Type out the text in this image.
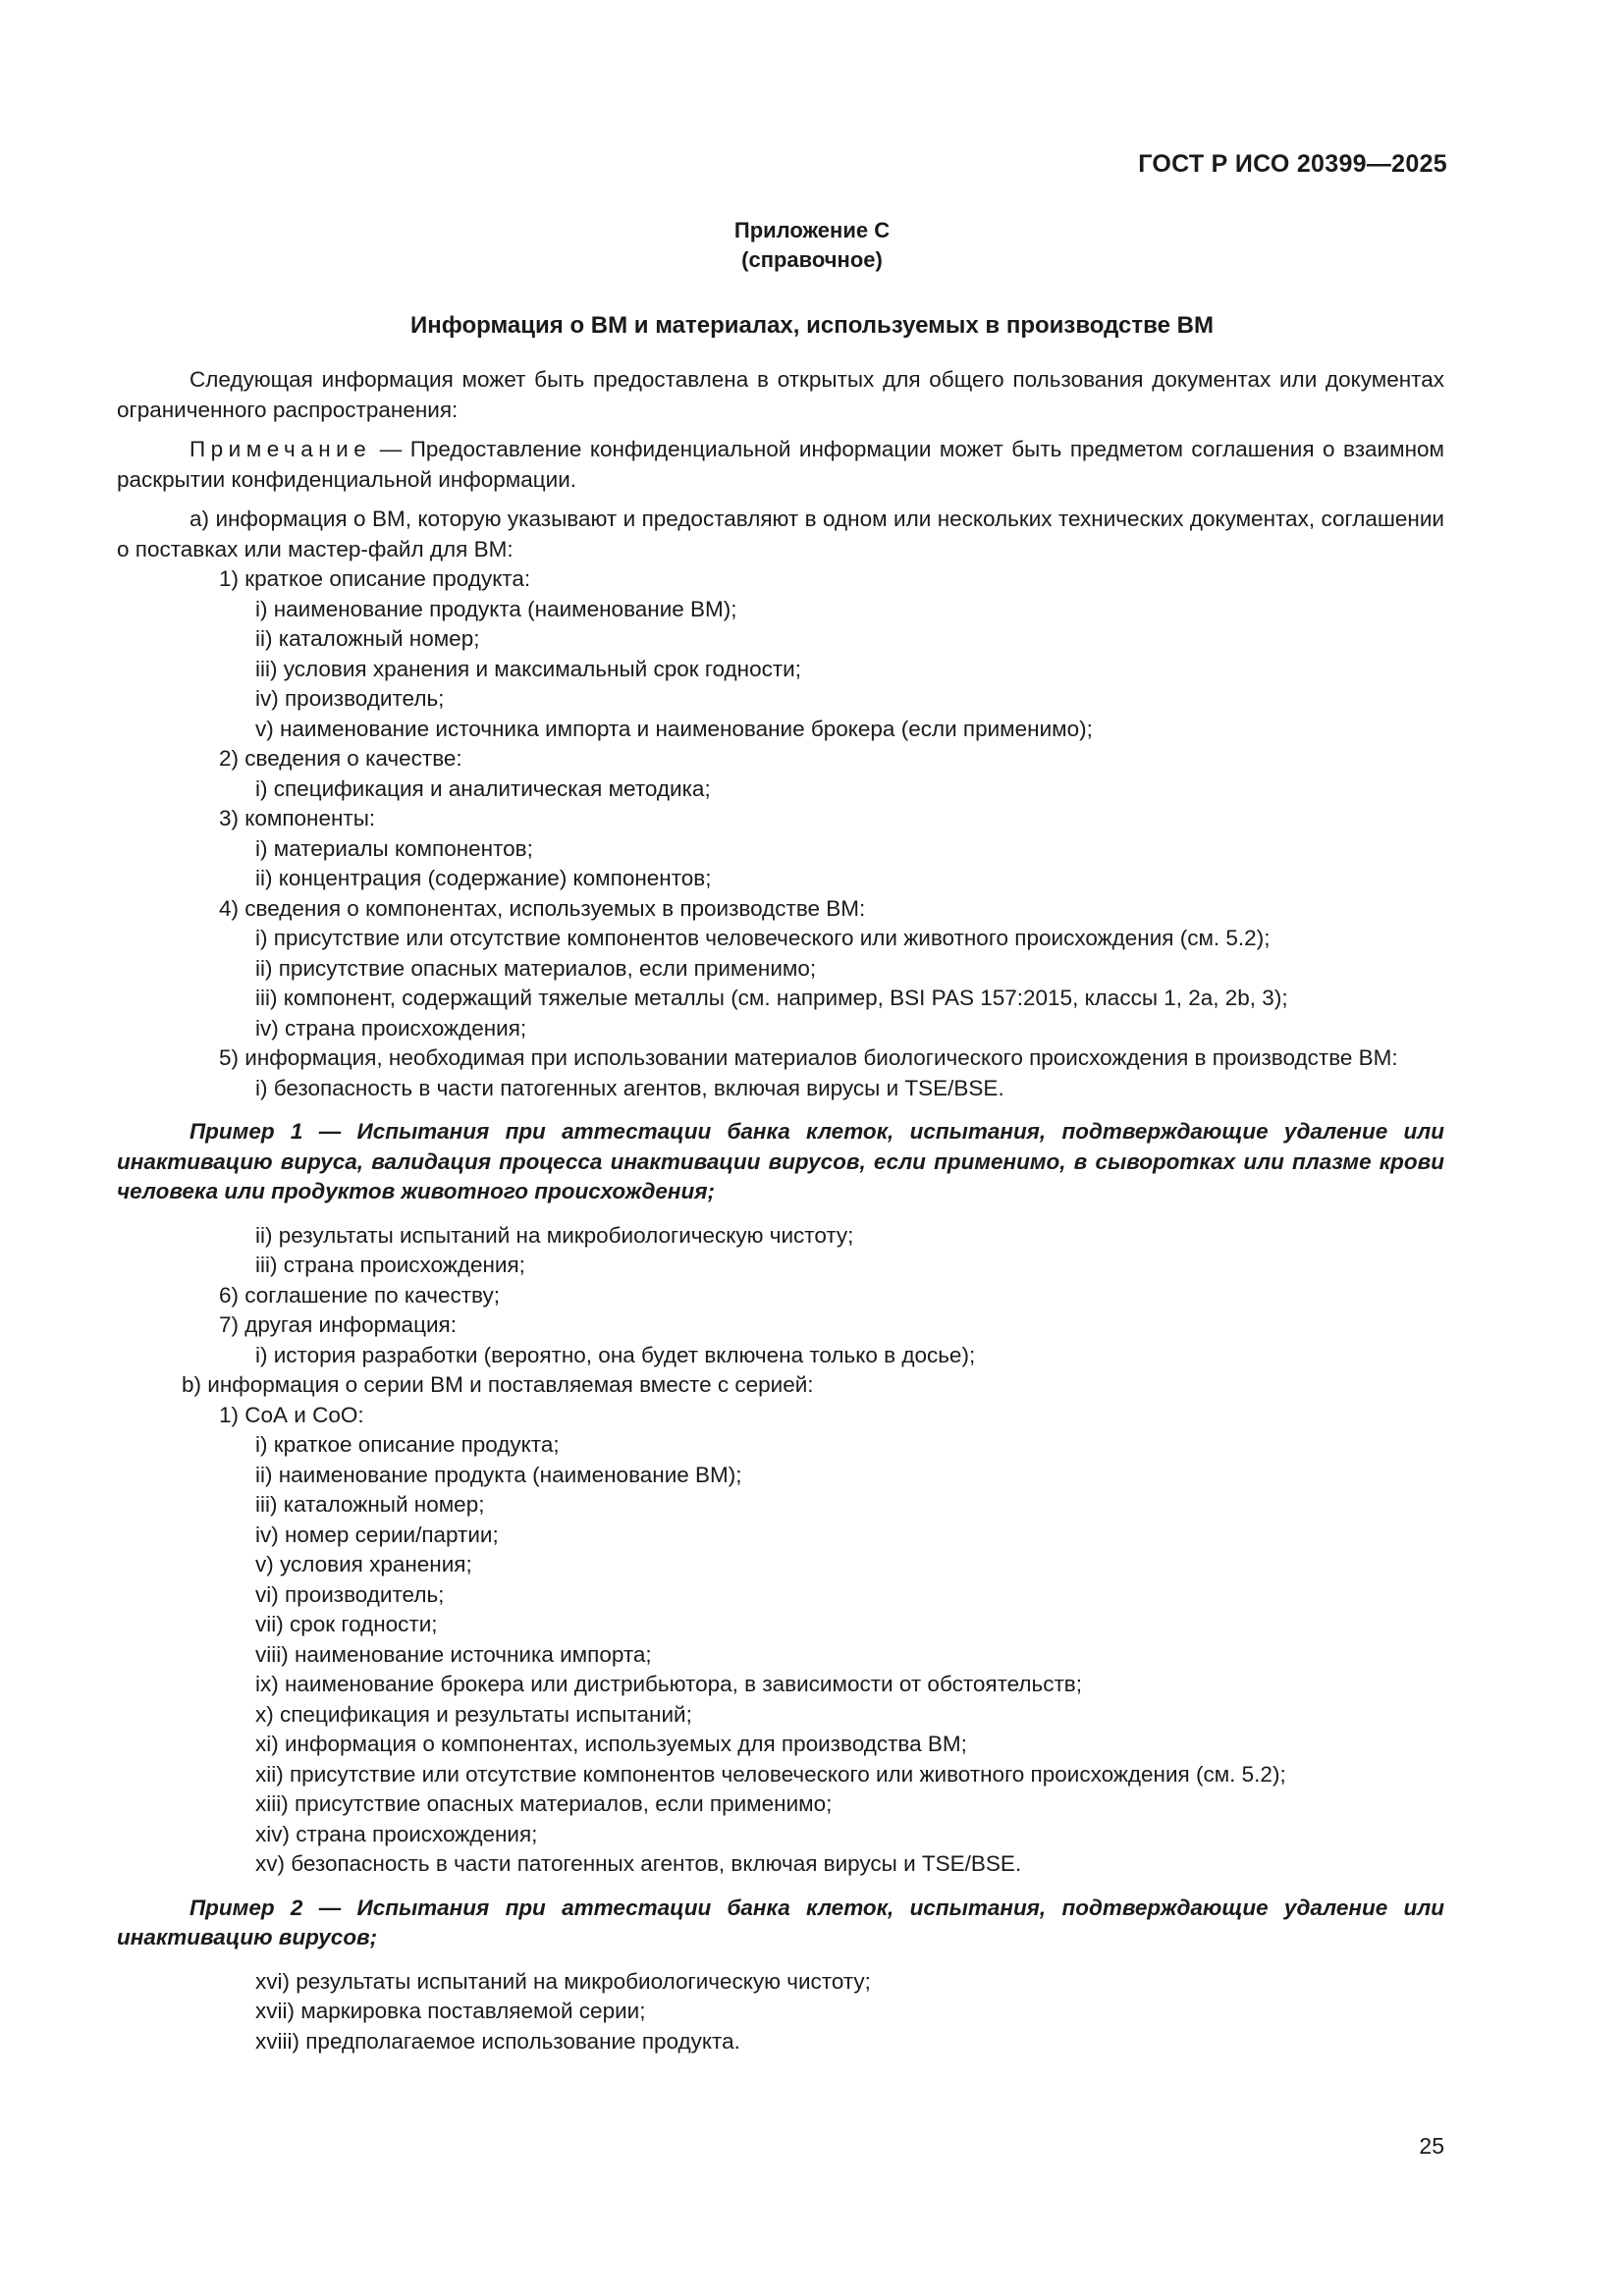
ГОСТ Р ИСО 20399—2025
Приложение С
(справочное)
Информация о ВМ и материалах, используемых в производстве ВМ

Следующая информация может быть предоставлена в открытых для общего пользования документах или документах ограниченного распространения:

Примечание — Предоставление конфиденциальной информации может быть предметом соглашения о взаимном раскрытии конфиденциальной информации.

a) информация о ВМ, которую указывают и предоставляют в одном или нескольких технических документах, соглашении о поставках или мастер-файл для ВМ:

1) краткое описание продукта:

i) наименование продукта (наименование ВМ);

ii) каталожный номер;

iii) условия хранения и максимальный срок годности;

iv) производитель;

v) наименование источника импорта и наименование брокера (если применимо);

2) сведения о качестве:

i) спецификация и аналитическая методика;

3) компоненты:

i) материалы компонентов;

ii) концентрация (содержание) компонентов;

4) сведения о компонентах, используемых в производстве ВМ:

i) присутствие или отсутствие компонентов человеческого или животного происхождения (см. 5.2);

ii) присутствие опасных материалов, если применимо;

iii) компонент, содержащий тяжелые металлы (см. например, BSI PAS 157:2015, классы 1, 2a, 2b, 3);

iv) страна происхождения;

5) информация, необходимая при использовании материалов биологического происхождения в производстве ВМ:

i) безопасность в части патогенных агентов, включая вирусы и TSE/BSE.

Пример 1 — Испытания при аттестации банка клеток, испытания, подтверждающие удаление или инактивацию вируса, валидация процесса инактивации вирусов, если применимо, в сыворотках или плазме крови человека или продуктов животного происхождения;

ii) результаты испытаний на микробиологическую чистоту;

iii) страна происхождения;

6) соглашение по качеству;

7) другая информация:

i) история разработки (вероятно, она будет включена только в досье);

b) информация о серии ВМ и поставляемая вместе с серией:

1) СоА и СоО:

i) краткое описание продукта;

ii) наименование продукта (наименование ВМ);

iii) каталожный номер;

iv) номер серии/партии;

v) условия хранения;

vi) производитель;

vii) срок годности;

viii) наименование источника импорта;

ix) наименование брокера или дистрибьютора, в зависимости от обстоятельств;

x) спецификация и результаты испытаний;

xi) информация о компонентах, используемых для производства ВМ;

xii) присутствие или отсутствие компонентов человеческого или животного происхождения (см. 5.2);

xiii) присутствие опасных материалов, если применимо;

xiv) страна происхождения;

xv) безопасность в части патогенных агентов, включая вирусы и TSE/BSE.

Пример 2 — Испытания при аттестации банка клеток, испытания, подтверждающие удаление или инактивацию вирусов;

xvi) результаты испытаний на микробиологическую чистоту;

xvii) маркировка поставляемой серии;

xviii) предполагаемое использование продукта.

25
